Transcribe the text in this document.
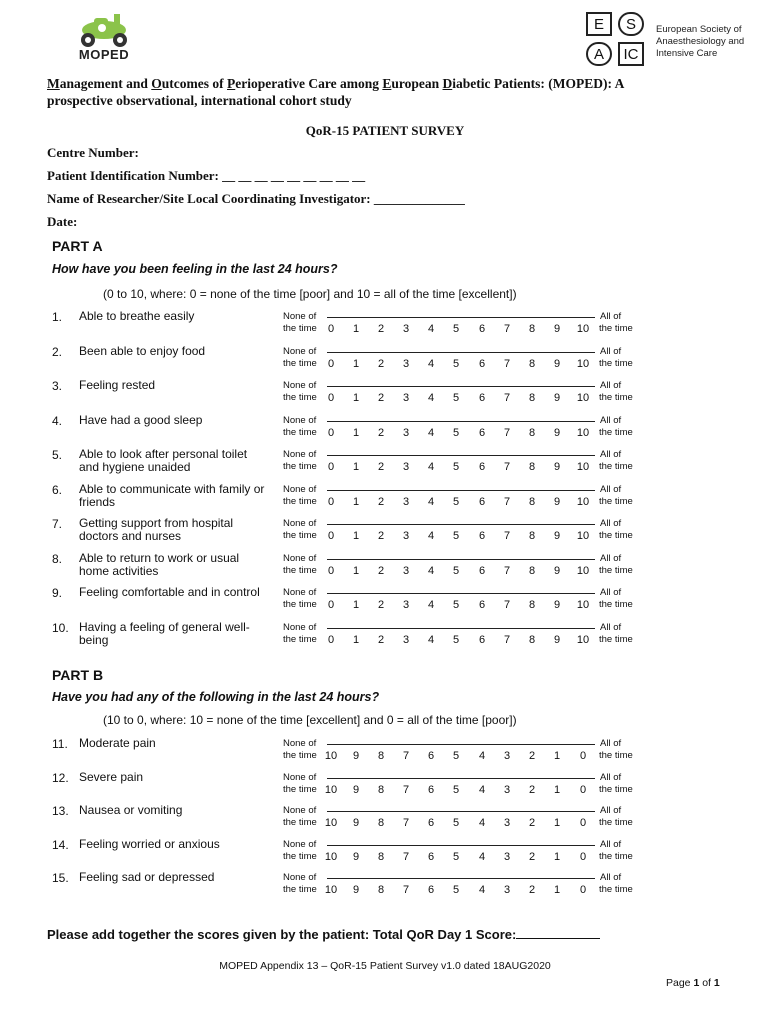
MOPED
E	S
A	IC
European Society of
Anaesthesiology and
Intensive Care
Management and Outcomes of Perioperative Care among European Diabetic Patients: (MOPED): A
prospective observational, international cohort study
QoR-15 PATIENT SURVEY
Centre Number:
Patient Identification Number: __ __ __ __ __ __ __ __ __
Name of Researcher/Site Local Coordinating Investigator: ______________
Date:
PART A
How have you been feeling in the last 24 hours?
(0 to 10, where: 0 = none of the time [poor] and 10 = all of the time [excellent])
1. Able to breathe easily	None of
the time	0	1	2	3	4	5	6	7	8	9	10
All of
the time
2. Been able to enjoy food	None of
the time	0	1	2	3	4	5	6	7	8	9	10
All of
the time
3. Feeling rested	None of
the time	0	1	2	3	4	5	6	7	8	9	10
All of
the time
4. Have had a good sleep	None of
the time	0	1	2	3	4	5	6	7	8	9	10
All of
the time
5. Able to look after personal toilet and hygiene unaided
None of
the time	0	1	2	3	4	5	6	7	8	9	10
All of
the time
6. Able to communicate with family or friends
None of
the time	0	1	2	3	4	5	6	7	8	9	10
All of
the time
7. Getting support from hospital doctors and nurses
None of
the time	0	1	2	3	4	5	6	7	8	9	10
All of
the time
8. Able to return to work or usual home activities
None of
the time	0	1	2	3	4	5	6	7	8	9	10
All of
the time
9. Feeling comfortable and in control	None of
the time	0	1	2	3	4	5	6	7	8	9	10
All of
the time
10. Having a feeling of general well-being
None of
the time	0	1	2	3	4	5	6	7	8	9	10
All of
the time
PART B
Have you had any of the following in the last 24 hours?
(10 to 0, where: 10 = none of the time [excellent] and 0 = all of the time [poor])
11. Moderate pain	None of
the time 10	9	8	7	6	5	4	3	2	1	0
All of
the time
12. Severe pain	None of
the time 10	9	8	7	6	5	4	3	2	1	0
All of
the time
13. Nausea or vomiting	None of
the time 10	9	8	7	6	5	4	3	2	1	0
All of
the time
14. Feeling worried or anxious	None of
the time 10	9	8	7	6	5	4	3	2	1	0
All of
the time
15. Feeling sad or depressed	None of
the time 10	9	8	7	6	5	4	3	2	1	0
All of
the time
Please add together the scores given by the patient: Total QoR Day 1 Score:
MOPED Appendix 13 – QoR-15 Patient Survey v1.0 dated 18AUG2020
Page 1 of 1
